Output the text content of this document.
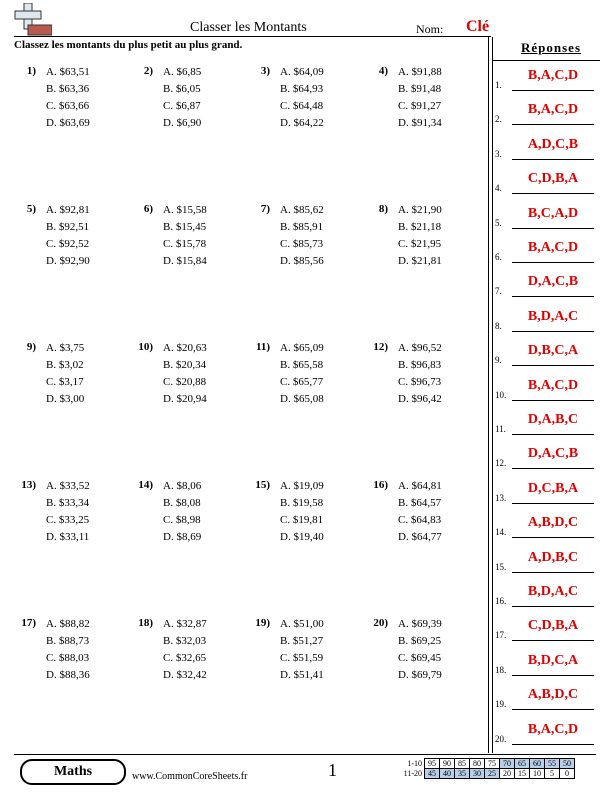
Classer les Montants	Nom: Clé
Classez les montants du plus petit au plus grand.	Réponses
1) A. $63,51
B. $63,36
C. $63,66
D. $63,69
2) A. $6,85
B. $6,05
C. $6,87
D. $6,90
3) A. $64,09
B. $64,93
C. $64,48
D. $64,22
4) A. $91,88
B. $91,48
C. $91,27
D. $91,34
5) A. $92,81
B. $92,51
C. $92,52
D. $92,90
6) A. $15,58
B. $15,45
C. $15,78
D. $15,84
7) A. $85,62
B. $85,91
C. $85,73
D. $85,56
8) A. $21,90
B. $21,18
C. $21,95
D. $21,81
9) A. $3,75
B. $3,02
C. $3,17
D. $3,00
10) A. $20,63
B. $20,34
C. $20,88
D. $20,94
11) A. $65,09
B. $65,58
C. $65,77
D. $65,08
12) A. $96,52
B. $96,83
C. $96,73
D. $96,42
13) A. $33,52
B. $33,34
C. $33,25
D. $33,11
14) A. $8,06
B. $8,08
C. $8,98
D. $8,69
15) A. $19,09
B. $19,58
C. $19,81
D. $19,40
16) A. $64,81
B. $64,57
C. $64,83
D. $64,77
17) A. $88,82
B. $88,73
C. $88,03
D. $88,36
18) A. $32,87
B. $32,03
C. $32,65
D. $32,42
19) A. $51,00
B. $51,27
C. $51,59
D. $51,41
20) A. $69,39
B. $69,25
C. $69,45
D. $69,79
1.
B,A,C,D
2.
B,A,C,D
3.
A,D,C,B
4.
C,D,B,A
5.
B,C,A,D
6.
B,A,C,D
7.
D,A,C,B
8.
B,D,A,C
9.
D,B,C,A
10.
B,A,C,D
11.
D,A,B,C
12.
D,A,C,B
13.
D,C,B,A
14.
A,B,D,C
15.
A,D,B,C
16.
B,D,A,C
17.
C,D,B,A
18.
B,D,C,A
19.
A,B,D,C
20.
B,A,C,D
Maths	www.CommonCoreSheets.fr	1	1-10	95	90	85	80	75	70	65	60	55	50
11-20	45	40	35	30	25	20	15	10	5	0
